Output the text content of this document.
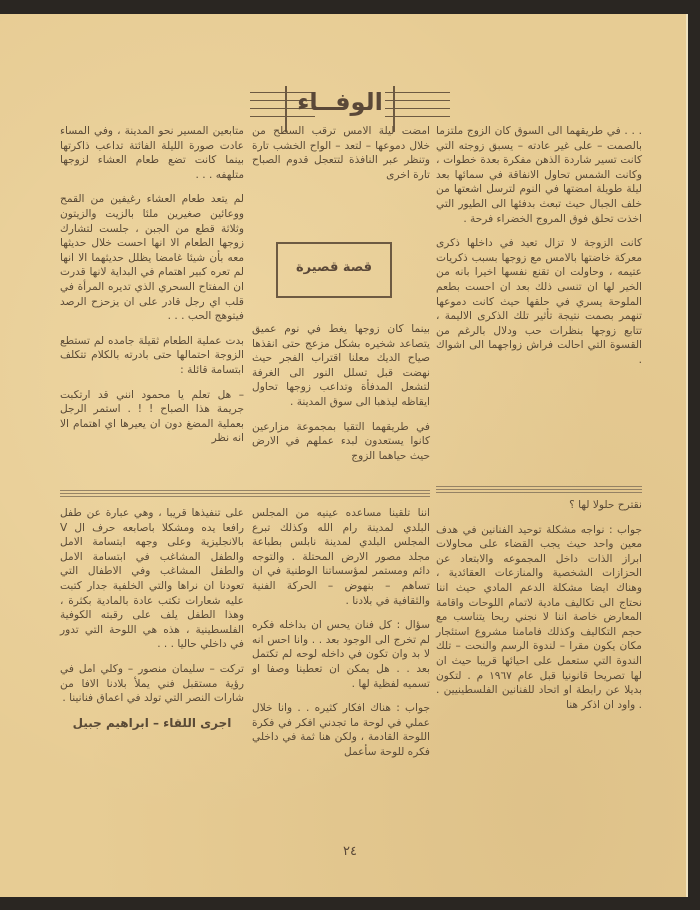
الوفــاء

. . . في طريقهما الى السوق كان الزوج ملتزما بالصمت – على غير عادته – يسبق زوجته التي كانت تسير شاردة الذهن مفكرة بعدة خطوات ، وكانت الشمس تحاول الانفاقة في سمائها بعد ليلة طويلة امضتها في النوم لترسل اشعتها من خلف الجبال حيث تبعث بدفئها الى الطيور التي اخذت تحلق فوق المروج الخضراء فرحة .

كانت الزوجة لا تزال تعيد في داخلها ذكرى معركة خاضتها بالامس مع زوجها بسبب ذكريات عتيمه ، وحاولت ان تقنع نفسها اخيرا بانه من الخير لها ان تنسى ذلك بعد ان احست بطعم الملوحة يسري في حلقها حيث كانت دموعها تنهمر بصمت نتيجة تأثير تلك الذكرى الاليمة ، تتابع زوجها بنظرات حب ودلال بالرغم من القسوة التي احالت فراش زواجهما الى اشواك .

امضت ليلة الامس ترقب السطح من خلال دموعها – لتعد – الواح الخشب تارة وتنظر عبر النافذة لتتعجل قدوم الصباح تارة اخرى

قصة قصيرة

بينما كان زوجها يغط في نوم عميق يتصاعد شخيره بشكل مزعج حتى انقذها صياح الديك معلنا اقتراب الفجر حيث نهضت قبل تسلل النور الى الغرفة لتشعل المدفأة وتداعب زوجها تحاول ايقاظه ليذهبا الى سوق المدينة .

في طريقهما التقيا بمجموعة مزارعين كانوا يستعدون لبدء عملهم في الارض حيث حياهما الزوج

متابعين المسير نحو المدينة ، وفي المساء عادت صورة الليلة الفائتة تداعب ذاكرتها بينما كانت تضع طعام العشاء لزوجها متلهفه . . .

لم يتعد طعام العشاء رغيفين من القمح ووعائين صغيرين ملئا بالزيت والزيتون وثلاثة قطع من الجبن ، جلست لتشارك زوجها الطعام الا انها احست خلال حديثها معه بأن شيئا غامضا يظلل حديثهما الا انها لم تعره كبير اهتمام في البداية لانها قدرت ان المفتاح السحري الذي تديره المرأة في قلب اي رجل قادر على ان يزحزح الرصد فيتوهج الحب . . .

بدت عملية الطعام ثقيلة جامده لم تستطع الزوجة احتمالها حتى بادرته بالكلام تتكلف ابتسامة قائلة :

– هل تعلم يا محمود انني قد ارتكبت جريمة هذا الصباح ! ! . استمر الرجل بعملية المضغ دون ان يعيرها اي اهتمام الا انه نظر

نقترح حلولا لها ؟

جواب : نواجه مشكلة توحيد الفنانين في هدف معين واحد حيث يجب القضاء على محاولات ابراز الذات داخل المجموعه والابتعاد عن الحزازات الشخصية والمنازعات العقائدية ، وهناك ايضا مشكلة الدعم المادي حيث اننا نحتاج الى تكاليف مادية لاتمام اللوحات واقامة المعارض خاصة اننا لا نجني ربحا يتناسب مع حجم التكاليف وكذلك فامامنا مشروع استئجار مكان يكون مقرا – لندوة الرسم والنحت – تلك الندوة التي ستعمل على احيائها قريبا حيث ان لها تصريحا قانونيا قبل عام ١٩٦٧ م . لتكون بديلا عن رابطة او اتحاد للفنانين الفلسطينيين . . واود ان اذكر هنا

اننا تلقينا مساعده عينيه من المجلس البلدي لمدينة رام الله وكذلك تبرع المجلس البلدي لمدينة نابلس بطباعة مجلد مصور الارض المحتلة . والتوجه دائم ومستمر لمؤسساتنا الوطنية في ان تساهم – بنهوض – الحركة الفنية والثقافية في بلادنا .

سؤال : كل فنان يحس ان بداخله فكره لم تخرج الى الوجود بعد . . وانا احس انه لا بد وان تكون في داخله لوحه لم تكتمل بعد . . هل يمكن ان تعطينا وصفا او تسميه لفظية لها .

جواب : هناك افكار كثيره . . وانا خلال عملي في لوحة ما تجدني افكر في فكرة اللوحة القادمة ، ولكن هنا ثمة في داخلي فكره للوحة سأعمل

على تنفيذها قريبا ، وهي عبارة عن طفل رافعا يده ومشكلا باصابعه حرف ال V بالانجليزية وعلى وجهه ابتسامة الامل والطفل المشاغب في ابتسامة الامل والطفل المشاغب وفي الاطفال التي تعودنا ان نراها والتي الخلفية جدار كتبت عليه شعارات تكتب عادة بالمادية بكثرة ، وهذا الطفل يلف على رقبته الكوفية الفلسطينية ، هذه هي اللوحة التي تدور في داخلي حاليا . . .

تركت – سليمان منصور – وكلي امل في رؤية مستقبل فني يملأ بلادنا الافا من شارات النصر التي تولد في اعماق فنانينا .

اجرى اللقاء – ابراهيم جبيل

٢٤
